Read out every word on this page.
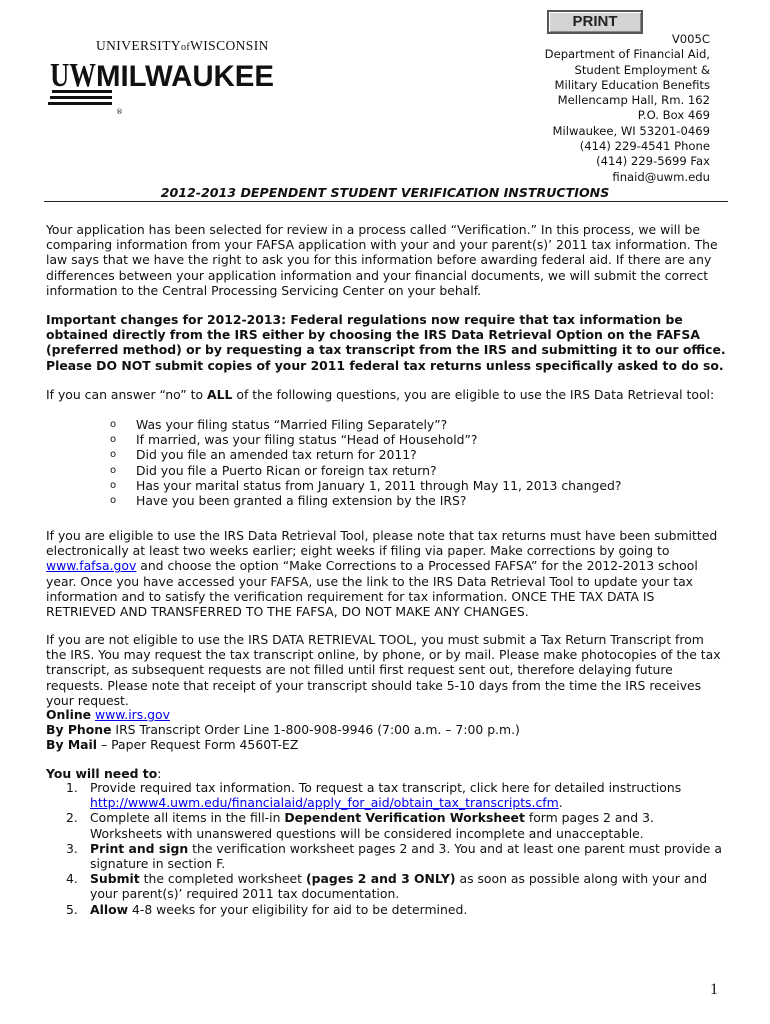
PRINT
UNIVERSITYofWISCONSIN
UW MILWAUKEE
®
V005C
Department of Financial Aid,
Student Employment &
Military Education Benefits
Mellencamp Hall, Rm. 162
P.O. Box 469
Milwaukee, WI 53201-0469
(414) 229-4541 Phone
(414) 229-5699 Fax
finaid@uwm.edu
2012-2013 DEPENDENT STUDENT VERIFICATION INSTRUCTIONS
Your application has been selected for review in a process called “Verification.” In this process, we will be comparing information from your FAFSA application with your and your parent(s)’ 2011 tax information. The law says that we have the right to ask you for this information before awarding federal aid. If there are any differences between your application information and your financial documents, we will submit the correct information to the Central Processing Servicing Center on your behalf.
Important changes for 2012-2013: Federal regulations now require that tax information be obtained directly from the IRS either by choosing the IRS Data Retrieval Option on the FAFSA (preferred method) or by requesting a tax transcript from the IRS and submitting it to our office. Please DO NOT submit copies of your 2011 federal tax returns unless specifically asked to do so.
If you can answer “no” to ALL of the following questions, you are eligible to use the IRS Data Retrieval tool:
o Was your filing status “Married Filing Separately”?
o If married, was your filing status “Head of Household”?
o Did you file an amended tax return for 2011?
o Did you file a Puerto Rican or foreign tax return?
o Has your marital status from January 1, 2011 through May 11, 2013 changed?
o Have you been granted a filing extension by the IRS?
If you are eligible to use the IRS Data Retrieval Tool, please note that tax returns must have been submitted electronically at least two weeks earlier; eight weeks if filing via paper. Make corrections by going to www.fafsa.gov and choose the option “Make Corrections to a Processed FAFSA” for the 2012-2013 school year. Once you have accessed your FAFSA, use the link to the IRS Data Retrieval Tool to update your tax information and to satisfy the verification requirement for tax information. ONCE THE TAX DATA IS RETRIEVED AND TRANSFERRED TO THE FAFSA, DO NOT MAKE ANY CHANGES.
If you are not eligible to use the IRS DATA RETRIEVAL TOOL, you must submit a Tax Return Transcript from the IRS. You may request the tax transcript online, by phone, or by mail. Please make photocopies of the tax transcript, as subsequent requests are not filled until first request sent out, therefore delaying future requests. Please note that receipt of your transcript should take 5-10 days from the time the IRS receives your request.
Online www.irs.gov
By Phone IRS Transcript Order Line 1-800-908-9946 (7:00 a.m. – 7:00 p.m.)
By Mail – Paper Request Form 4560T-EZ
You will need to:
1. Provide required tax information. To request a tax transcript, click here for detailed instructions http://www4.uwm.edu/financialaid/apply_for_aid/obtain_tax_transcripts.cfm.
2. Complete all items in the fill-in Dependent Verification Worksheet form pages 2 and 3. Worksheets with unanswered questions will be considered incomplete and unacceptable.
3. Print and sign the verification worksheet pages 2 and 3. You and at least one parent must provide a signature in section F.
4. Submit the completed worksheet (pages 2 and 3 ONLY) as soon as possible along with your and your parent(s)’ required 2011 tax documentation.
5. Allow 4-8 weeks for your eligibility for aid to be determined.
1
